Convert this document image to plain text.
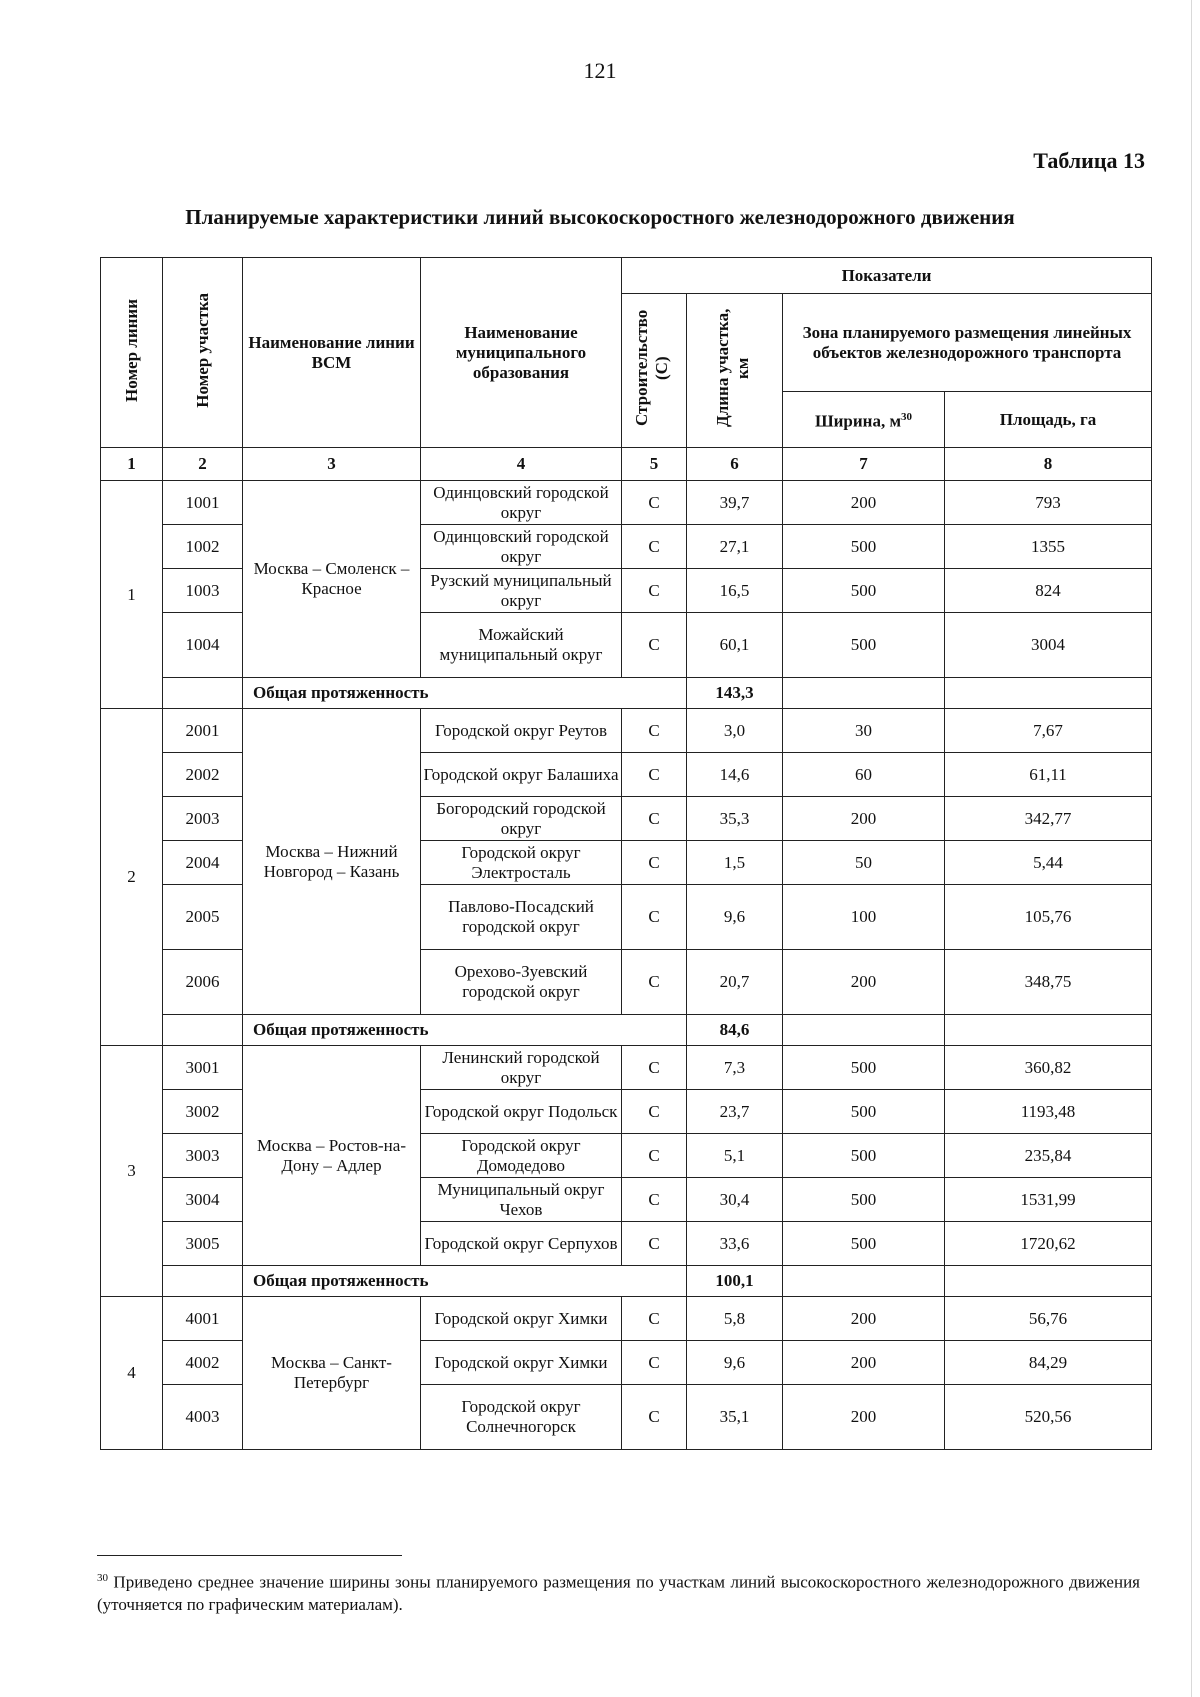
121
Таблица 13
Планируемые характеристики линий высокоскоростного железнодорожного движения
Номер линии	Номер участка	Наименование линии ВСМ	Наименование муниципального образования	Показатели			
				Строительство (С)	Длина участка, км	Зона планируемого размещения линейных объектов железнодорожного транспорта	
						Ширина, $м^{30}$	Площадь, га
1	2	3	4	5	6	7	8
1	1001	Москва – Смоленск – Красное	Одинцовский городской округ	С	39,7	200	793
	1002		Одинцовский городской округ	С	27,1	500	1355
	1003		Рузский муниципальный округ	С	16,5	500	824
	1004		Можайский муниципальный округ	С	60,1	500	3004
		Общая протяженность			143,3		
2	2001	Москва – Нижний Новгород – Казань	Городской округ Реутов	С	3,0	30	7,67
	2002		Городской округ Балашиха	С	14,6	60	61,11
	2003		Богородский городской округ	С	35,3	200	342,77
	2004		Городской округ Электросталь	С	1,5	50	5,44
	2005		Павлово-Посадский городской округ	С	9,6	100	105,76
	2006		Орехово-Зуевский городской округ	С	20,7	200	348,75
		Общая протяженность			84,6		
3	3001	Москва – Ростов-на-Дону – Адлер	Ленинский городской округ	С	7,3	500	360,82
	3002		Городской округ Подольск	С	23,7	500	1193,48
	3003		Городской округ Домодедово	С	5,1	500	235,84
	3004		Муниципальный округ Чехов	С	30,4	500	1531,99
	3005		Городской округ Серпухов	С	33,6	500	1720,62
		Общая протяженность			100,1		
4	4001	Москва – Санкт-Петербург	Городской округ Химки	С	5,8	200	56,76
	4002		Городской округ Химки	С	9,6	200	84,29
	4003		Городской округ Солнечногорск	С	35,1	200	520,56
$^{30}$ Приведено среднее значение ширины зоны планируемого размещения по участкам линий высокоскоростного железнодорожного движения (уточняется по графическим материалам).
